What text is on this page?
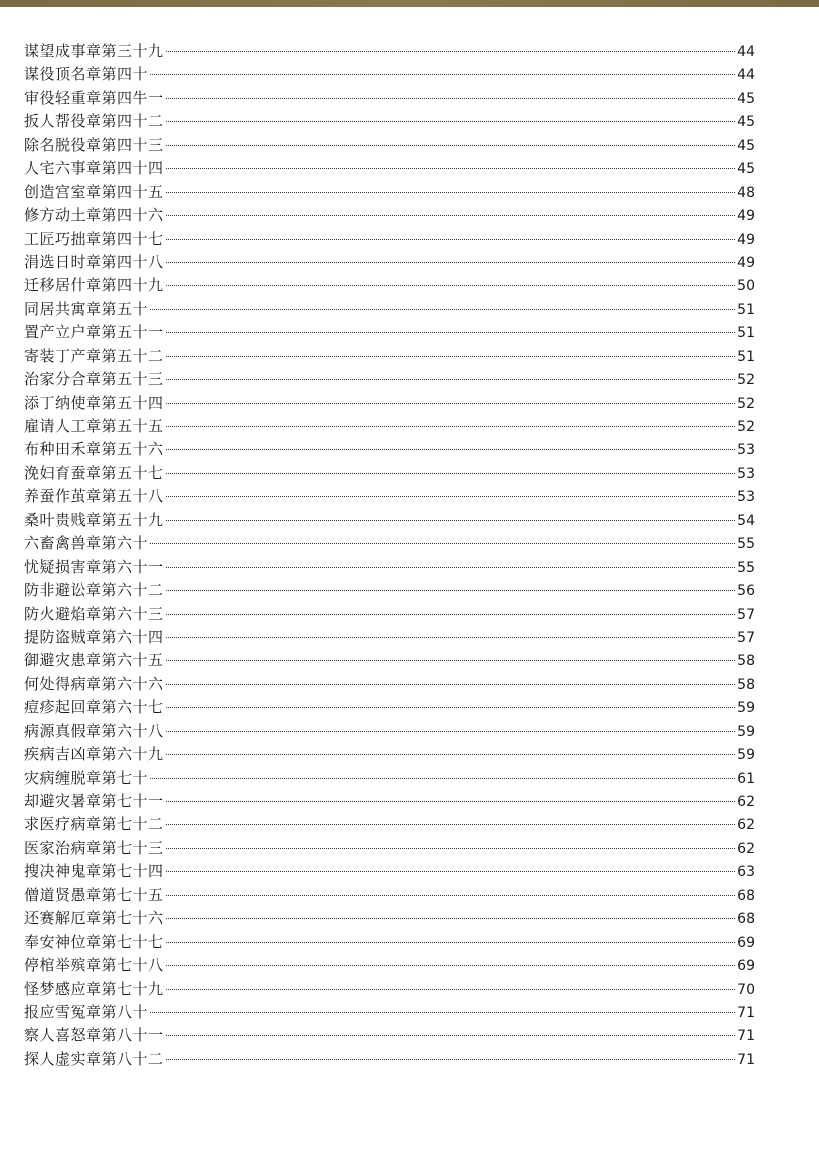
谋望成事章第三十九	44
谋役顶名章第四十	44
审役轻重章第四牛一	45
扳人帮役章第四十二	45
除名脱役章第四十三	45
人宅六事章第四十四	45
创造宫室章第四十五	48
修方动土章第四十六	49
工匠巧拙章第四十七	49
涓选日时章第四十八	49
迁移居什章第四十九	50
同居共寓章第五十	51
置产立户章第五十一	51
寄装丁产章第五十二	51
治家分合章第五十三	52
添丁纳使章第五十四	52
雇请人工章第五十五	52
布种田禾章第五十六	53
浼妇育蚕章第五十七	53
养蚕作茧章第五十八	53
桑叶贵贱章第五十九	54
六畜禽兽章第六十	55
忧疑损害章第六十一	55
防非避讼章第六十二	56
防火避焰章第六十三	57
提防盗贼章第六十四	57
御避灾患章第六十五	58
何处得病章第六十六	58
痘疹起回章第六十七	59
病源真假章第六十八	59
疾病吉凶章第六十九	59
灾病缠脱章第七十	61
却避灾暑章第七十一	62
求医疗病章第七十二	62
医家治病章第七十三	62
搜决神鬼章第七十四	63
僧道贤愚章第七十五	68
还赛解厄章第七十六	68
奉安神位章第七十七	69
停棺举殡章第七十八	69
怪梦感应章第七十九	70
报应雪冤章第八十	71
察人喜怒章第八十一	71
探人虚实章第八十二	71
